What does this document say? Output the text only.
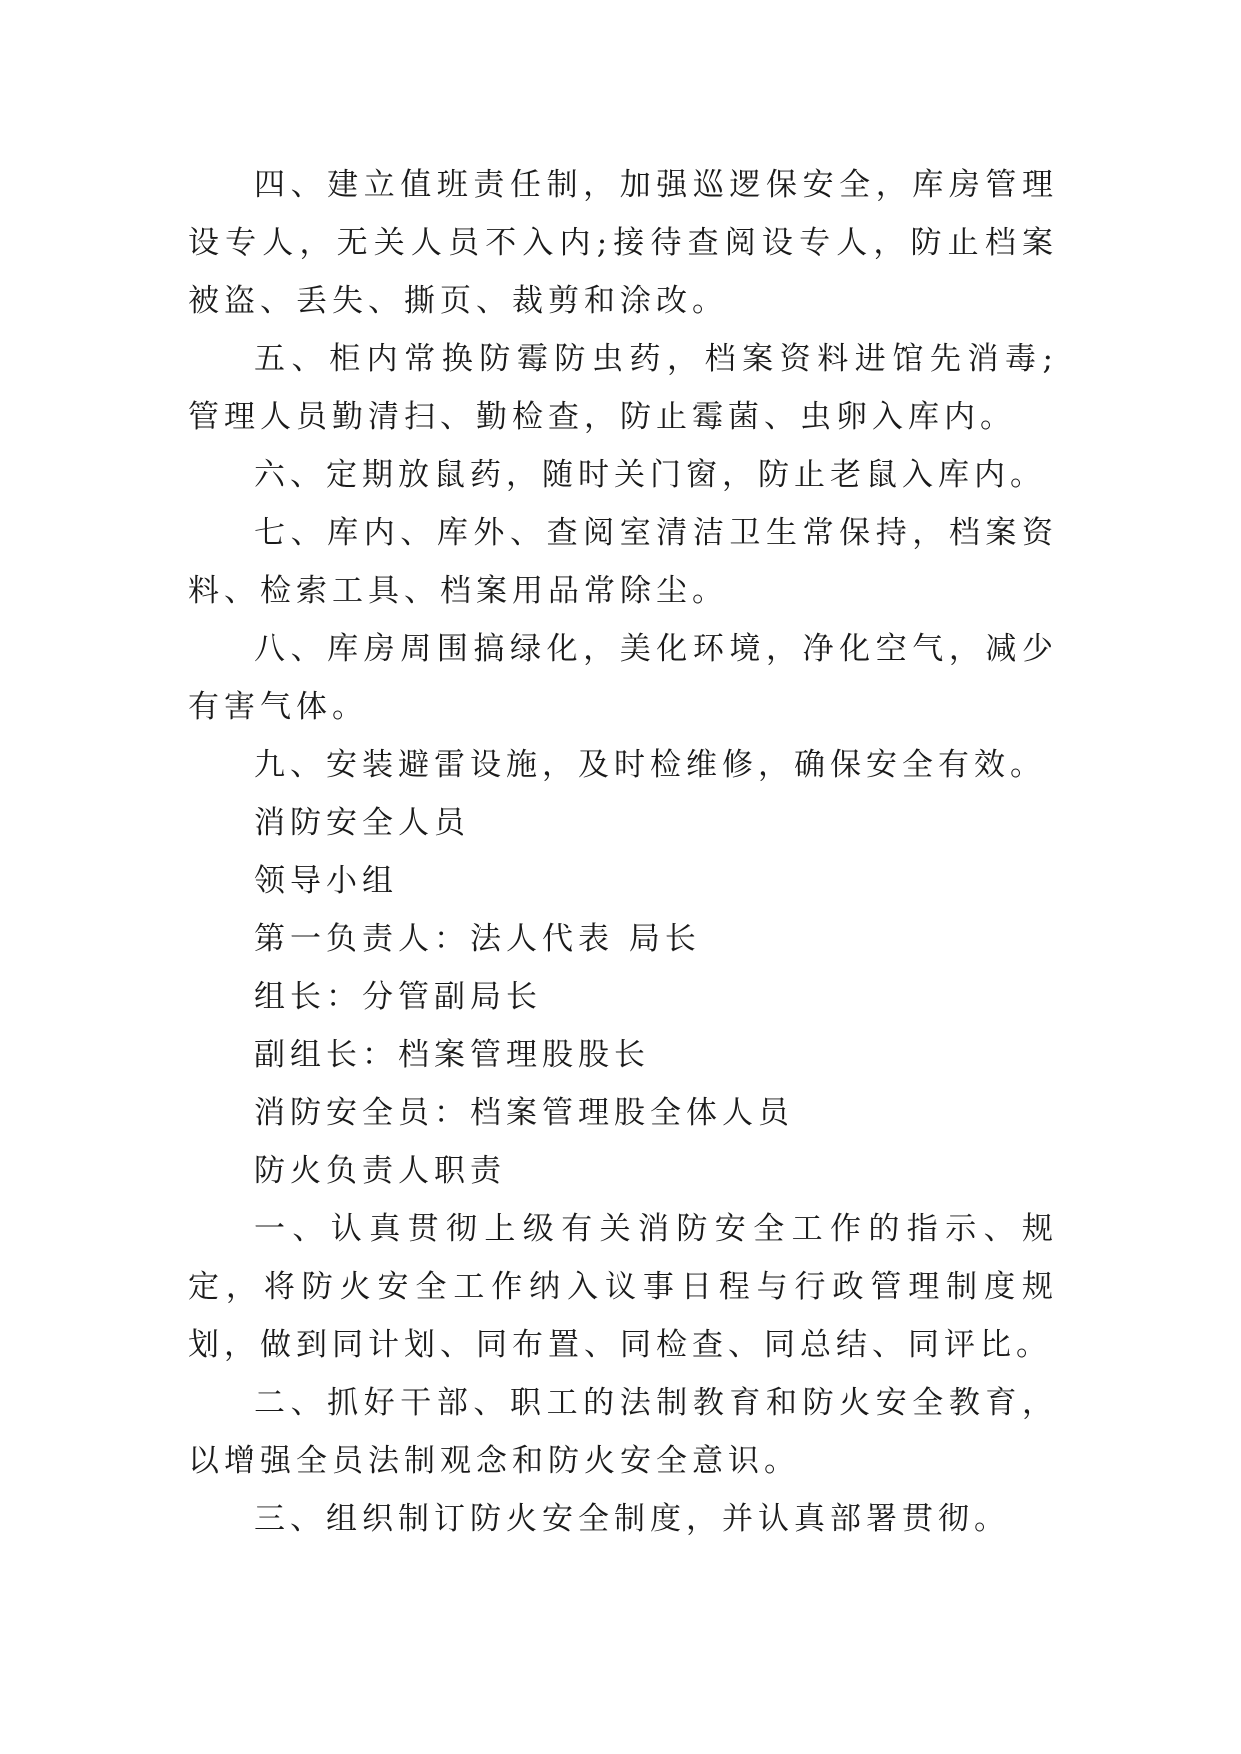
四、建立值班责任制，加强巡逻保安全，库房管理设专人，无关人员不入内;接待查阅设专人，防止档案被盗、丢失、撕页、裁剪和涂改。

五、柜内常换防霉防虫药，档案资料进馆先消毒;管理人员勤清扫、勤检查，防止霉菌、虫卵入库内。

六、定期放鼠药，随时关门窗，防止老鼠入库内。

七、库内、库外、查阅室清洁卫生常保持，档案资料、检索工具、档案用品常除尘。

八、库房周围搞绿化，美化环境，净化空气，减少有害气体。

九、安装避雷设施，及时检维修，确保安全有效。

消防安全人员

领导小组

第一负责人：法人代表 局长

组长：分管副局长

副组长：档案管理股股长

消防安全员：档案管理股全体人员

防火负责人职责

一、认真贯彻上级有关消防安全工作的指示、规定，将防火安全工作纳入议事日程与行政管理制度规划，做到同计划、同布置、同检查、同总结、同评比。

二、抓好干部、职工的法制教育和防火安全教育，以增强全员法制观念和防火安全意识。

三、组织制订防火安全制度，并认真部署贯彻。
